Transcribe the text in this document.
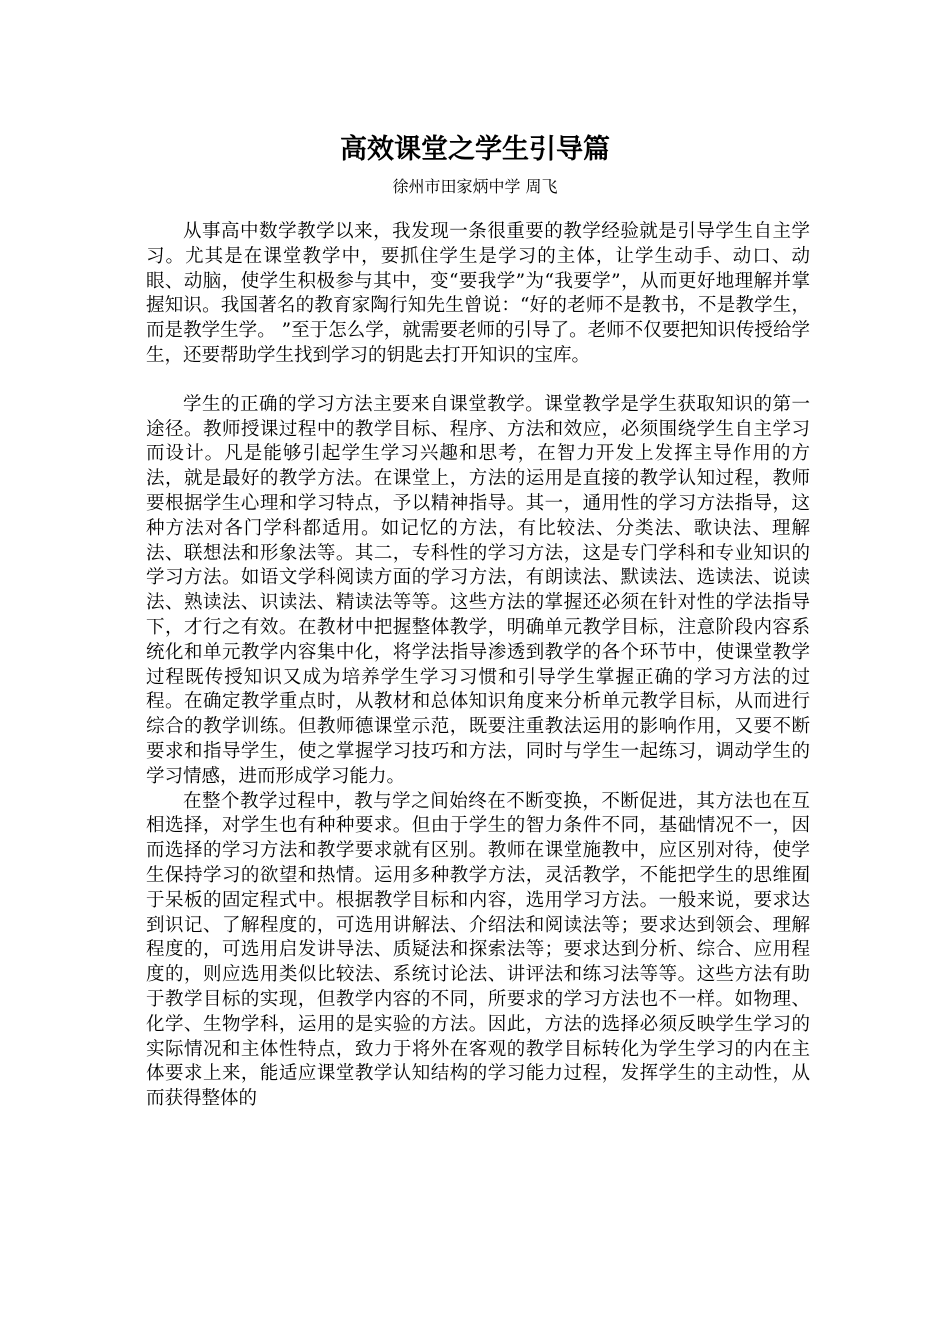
高效课堂之学生引导篇
徐州市田家炳中学 周飞

从事高中数学教学以来，我发现一条很重要的教学经验就是引导学生自主学习。尤其是在课堂教学中，要抓住学生是学习的主体，让学生动手、动口、动眼、动脑，使学生积极参与其中，变“要我学”为“我要学”，从而更好地理解并掌握知识。我国著名的教育家陶行知先生曾说：“好的老师不是教书，不是教学生，而是教学生学。 ”至于怎么学，就需要老师的引导了。老师不仅要把知识传授给学生，还要帮助学生找到学习的钥匙去打开知识的宝库。

学生的正确的学习方法主要来自课堂教学。课堂教学是学生获取知识的第一途径。教师授课过程中的教学目标、程序、方法和效应，必须围绕学生自主学习而设计。凡是能够引起学生学习兴趣和思考，在智力开发上发挥主导作用的方法，就是最好的教学方法。在课堂上，方法的运用是直接的教学认知过程，教师要根据学生心理和学习特点，予以精神指导。其一，通用性的学习方法指导，这种方法对各门学科都适用。如记忆的方法，有比较法、分类法、歌诀法、理解法、联想法和形象法等。其二，专科性的学习方法，这是专门学科和专业知识的学习方法。如语文学科阅读方面的学习方法，有朗读法、默读法、选读法、说读法、熟读法、识读法、精读法等等。这些方法的掌握还必须在针对性的学法指导下，才行之有效。在教材中把握整体教学，明确单元教学目标，注意阶段内容系统化和单元教学内容集中化，将学法指导渗透到教学的各个环节中，使课堂教学过程既传授知识又成为培养学生学习习惯和引导学生掌握正确的学习方法的过程。在确定教学重点时，从教材和总体知识角度来分析单元教学目标，从而进行综合的教学训练。但教师德课堂示范，既要注重教法运用的影响作用，又要不断要求和指导学生，使之掌握学习技巧和方法，同时与学生一起练习，调动学生的学习情感，进而形成学习能力。

在整个教学过程中，教与学之间始终在不断变换，不断促进，其方法也在互相选择，对学生也有种种要求。但由于学生的智力条件不同，基础情况不一，因而选择的学习方法和教学要求就有区别。教师在课堂施教中，应区别对待，使学生保持学习的欲望和热情。运用多种教学方法，灵活教学，不能把学生的思维囿于呆板的固定程式中。根据教学目标和内容，选用学习方法。一般来说，要求达到识记、了解程度的，可选用讲解法、介绍法和阅读法等；要求达到领会、理解程度的，可选用启发讲导法、质疑法和探索法等；要求达到分析、综合、应用程度的，则应选用类似比较法、系统讨论法、讲评法和练习法等等。这些方法有助于教学目标的实现，但教学内容的不同，所要求的学习方法也不一样。如物理、化学、生物学科，运用的是实验的方法。因此，方法的选择必须反映学生学习的实际情况和主体性特点，致力于将外在客观的教学目标转化为学生学习的内在主体要求上来，能适应课堂教学认知结构的学习能力过程，发挥学生的主动性，从而获得整体的
